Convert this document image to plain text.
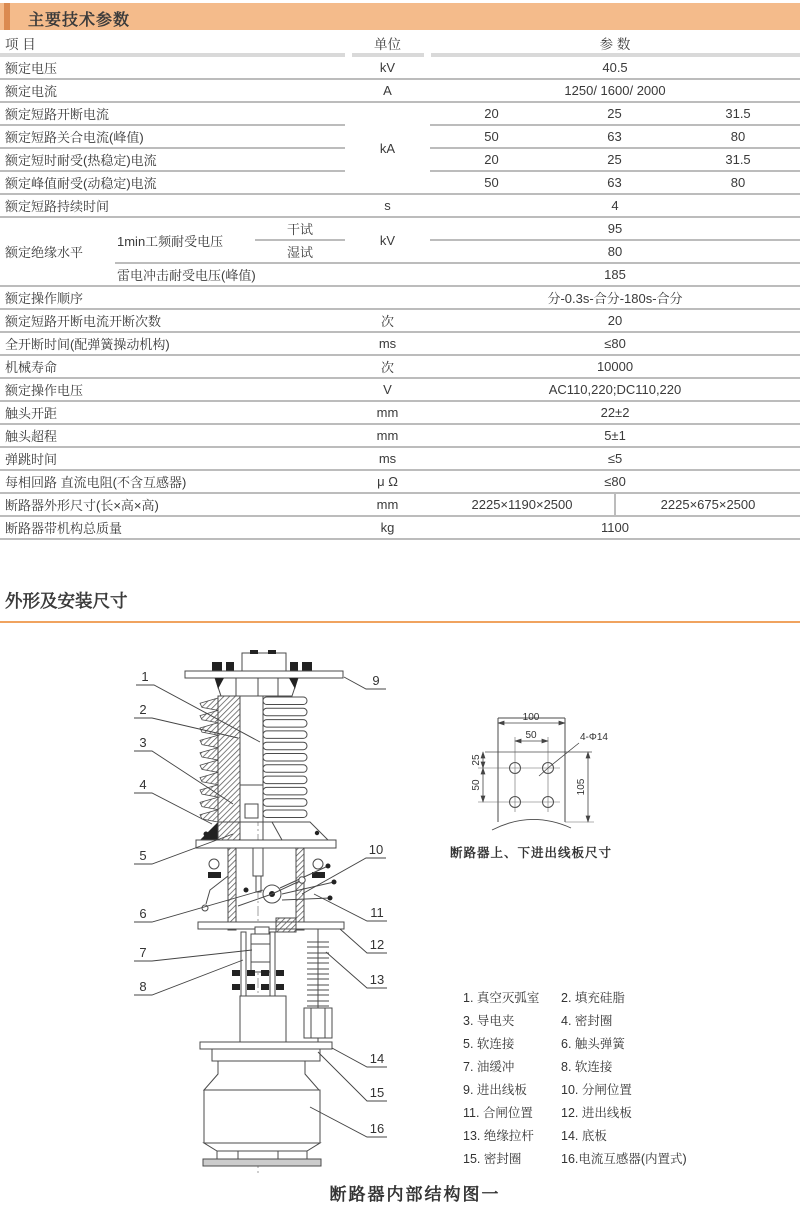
主要技术参数
项 目	单位	参 数
额定电压			kV	40.5			
额定电流			A	1250/ 1600/ 2000			
额定短路开断电流			kA	20	25		31.5
额定短路关合电流(峰值)				50	63		80
额定短时耐受(热稳定)电流				20	25		31.5
额定峰值耐受(动稳定)电流				50	63		80
额定短路持续时间			s	4			
额定绝缘水平	1min工频耐受电压	干试	kV	95			
		湿试		80			
	雷电冲击耐受电压(峰值)			185			
额定操作顺序				分-0.3s-合分-180s-合分			
额定短路开断电流开断次数			次	20			
全开断时间(配弹簧操动机构)			ms	≤80			
机械寿命			次	10000			
额定操作电压			V	AC110,220;DC110,220			
触头开距			mm	22±2			
触头超程			mm	5±1			
弹跳时间			ms	≤5			
每相回路 直流电阻(不含互感器)			μ Ω	≤80			
断路器外形尺寸(长×高×高)			mm	2225×1190×2500		2225×675×2500	
断路器带机构总质量			kg	1100			
外形及安装尺寸
1
2
3
4
5
6
7
8
9
10
11
12
13
14
15
16
100
50	4-Φ14
25
50	105
断路器上、下进出线板尺寸
1. 真空灭弧室	2. 填充硅脂
3. 导电夹	4. 密封圈
5. 软连接	6. 触头弹簧
7. 油缓冲	8. 软连接
9. 进出线板	10. 分闸位置
11. 合闸位置	12. 进出线板
13. 绝缘拉杆	14. 底板
15. 密封圈	16.电流互感器(内置式)
断路器内部结构图一
